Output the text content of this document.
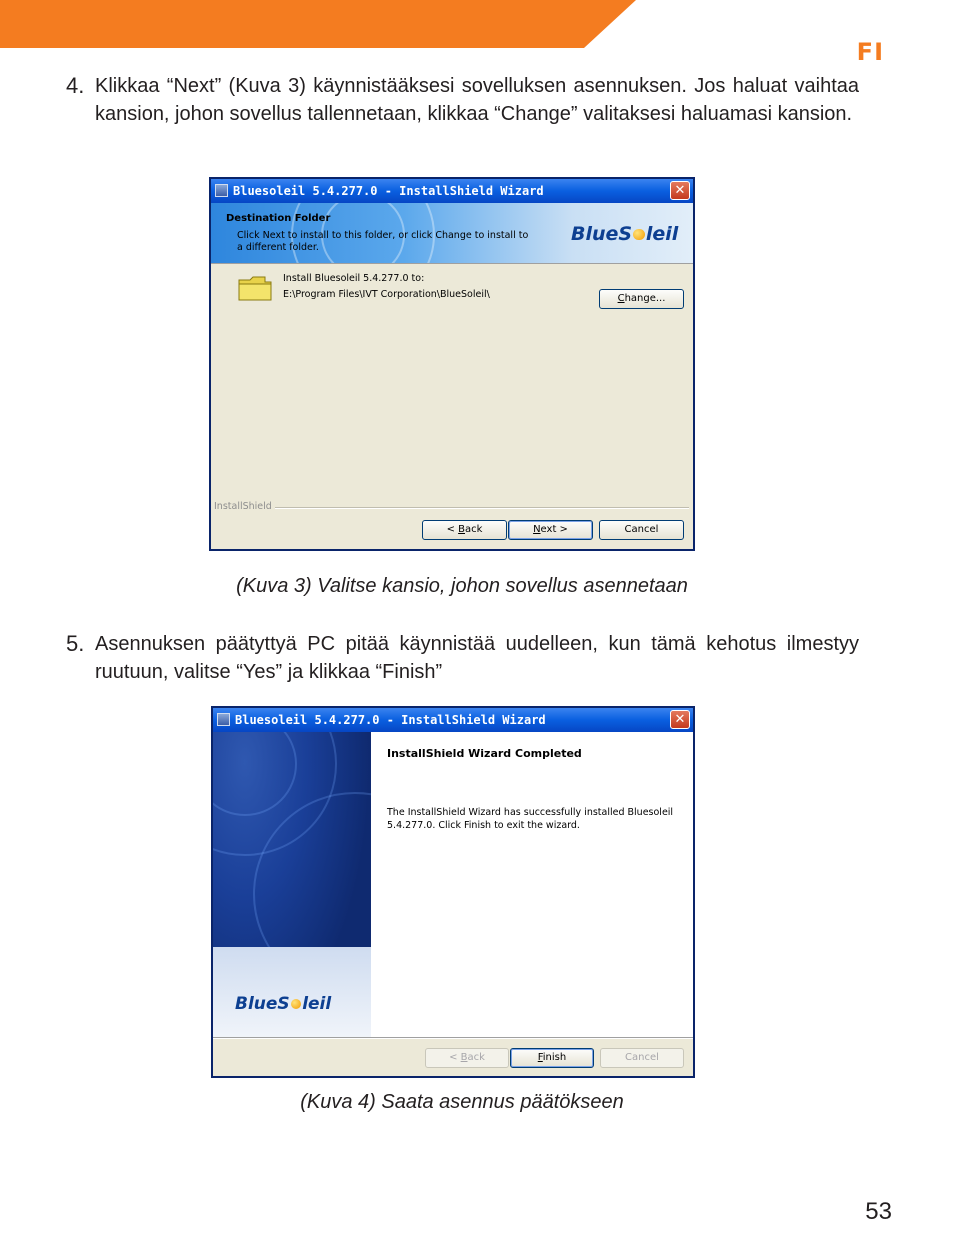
FI
4. Klikkaa “Next” (Kuva 3) käynnistääksesi sovelluksen asennuksen. Jos haluat vaihtaa kansion, johon sovellus tallennetaan, klikkaa “Change” valitaksesi haluamasi kansion.
Bluesoleil 5.4.277.0 - InstallShield Wizard	✕
Destination Folder
Click Next to install to this folder, or click Change to install to a different folder.
BlueS leil
Install Bluesoleil 5.4.277.0 to:
E:\Program Files\IVT Corporation\BlueSoleil\	Change...
InstallShield
< Back	Next >	Cancel
(Kuva 3) Valitse kansio, johon sovellus asennetaan
5. Asennuksen päätyttyä PC pitää käynnistää uudelleen, kun tämä kehotus ilmestyy ruutuun, valitse “Yes” ja klikkaa “Finish”
Bluesoleil 5.4.277.0 - InstallShield Wizard	✕
BlueS leil
InstallShield Wizard Completed
The InstallShield Wizard has successfully installed Bluesoleil 5.4.277.0. Click Finish to exit the wizard.
< Back	Finish	Cancel
(Kuva 4) Saata asennus päätökseen
53
